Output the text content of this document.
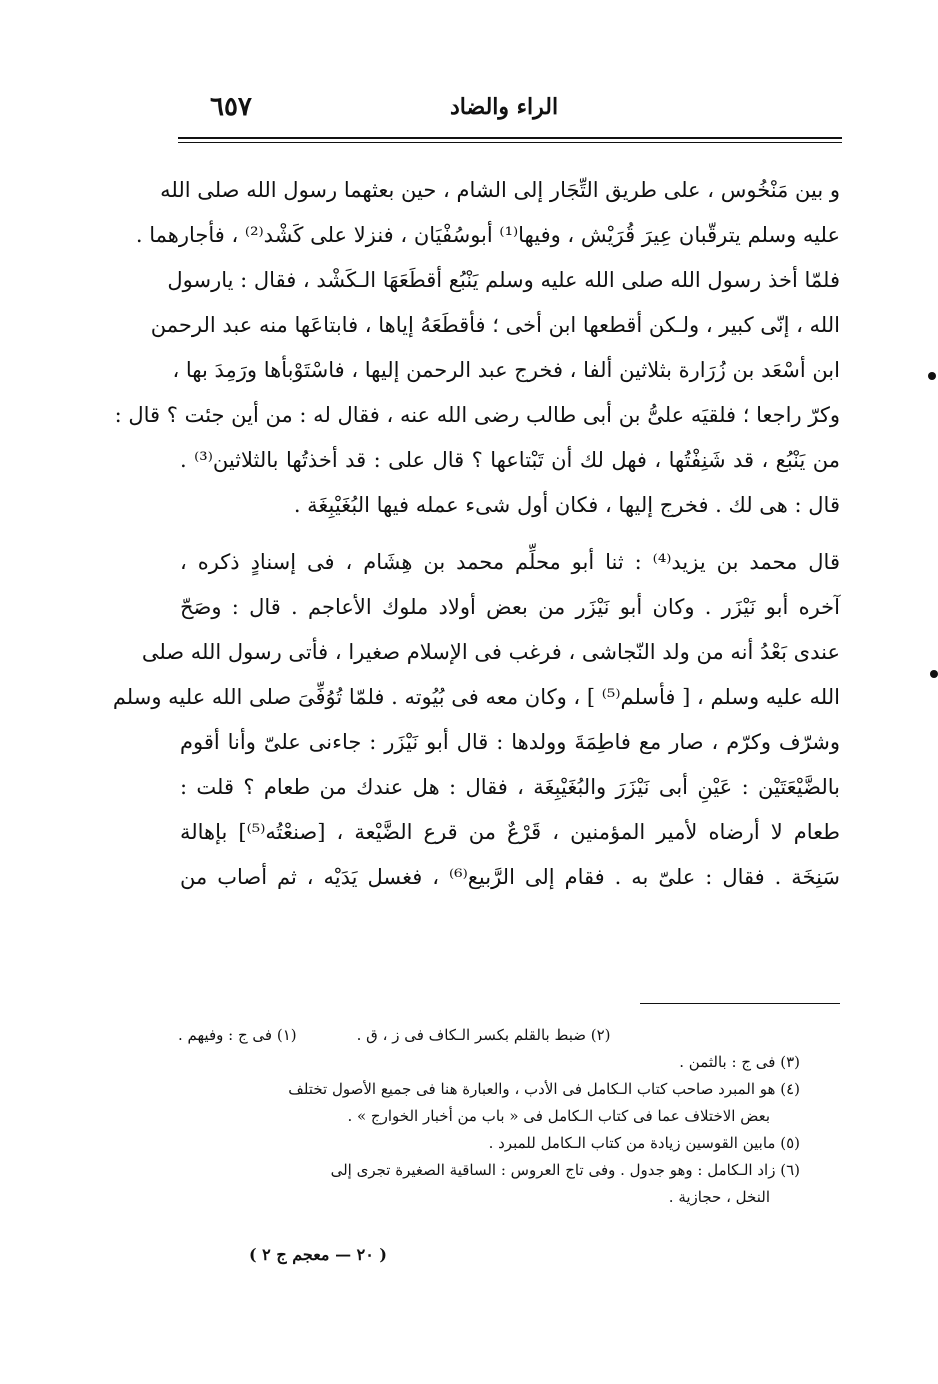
٦٥٧	الراء والضاد
و بين مَنْخُوس ، على طريق التِّجَار إلى الشام ، حين بعثهما رسول الله صلى الله
عليه وسلم يترقّبان عِيرَ قُرَيْش ، وفيها⁽¹⁾ أبوسُفْيَان ، فنزلا على كَشْد⁽²⁾ ، فأجارهما .
فلمّا أخذ رسول الله صلى الله عليه وسلم يَنْبُع أقطَعَهَا الـكَشْد ، فقال : يارسول
الله ، إنّى كبير ، ولـكن أقطعها ابن أخى ؛ فأقطَعَهُ إياها ، فابتاعَها منه عبد الرحمن
ابن أسْعَد بن زُرَارة بثلاثين ألفا ، فخرج عبد الرحمن إليها ، فاسْتَوْبأها ورَمِدَ بها ،
وكرّ راجعا ؛ فلقيَه علىُّ بن أبى طالب رضى الله عنه ، فقال له : من أين جئت ؟ قال :
من يَنْبُع ، قد شَنِفْتُها ، فهل لك أن تَبْتاعها ؟ قال على : قد أخذتُها بالثلاثين⁽³⁾ .
قال : هى لك . فخرج إليها ، فكان أول شىء عمله فيها البُغَيْبِغَة .
قال محمد بن يزيد⁽⁴⁾ : ثنا أبو محلِّم محمد بن هِشَام ، فى إسنادٍ ذكره ،
آخره أبو نَيْزَر . وكان أبو نَيْزَر من بعض أولاد ملوك الأعاجم . قال : وصَحّ
عندى بَعْدُ أنه من ولد النّجاشى ، فرغب فى الإسلام صغيرا ، فأتى رسول الله صلى
الله عليه وسلم ، [ فأسلم⁽⁵⁾ ] ، وكان معه فى بُيُوته . فلمّا تُوُفِّىَ صلى الله عليه وسلم
وشرّف وكرّم ، صار مع فاطِمَةَ وولدها : قال أبو نَيْزَر : جاءنى علىّ وأنا أقوم
بالضَّيْعَتَيْن : عَيْنِ أبى نَيْزَرَ والبُغَيْبِغَة ، فقال : هل عندك من طعام ؟ قلت :
طعام لا أرضاه لأمير المؤمنين ، قَرْعٌ من قرع الضَّيْعة ، [صنعْتُه⁽⁵⁾] بإهالة
سَنِخَة . فقال : علىّ به . فقام إلى الرَّبيع⁽⁶⁾ ، فغسل يَدَيْه ، ثم أصاب من
(١) فى ج : وفيهم .	(٢) ضبط بالقلم بكسر الـكاف فى ز ، ق .
(٣) فى ج : بالثمن .
(٤) هو المبرد صاحب كتاب الـكامل فى الأدب ، والعبارة هنا فى جميع الأصول تختلف
بعض الاختلاف عما فى كتاب الـكامل فى « باب من أخبار الخوارج » .
(٥) مابين القوسين زيادة من كتاب الـكامل للمبرد .
(٦) زاد الـكامل : وهو جدول . وفى تاج العروس : الساقية الصغيرة تجرى إلى
النخل ، حجازية .
( ٢٠ — معجم ج ٢ )
